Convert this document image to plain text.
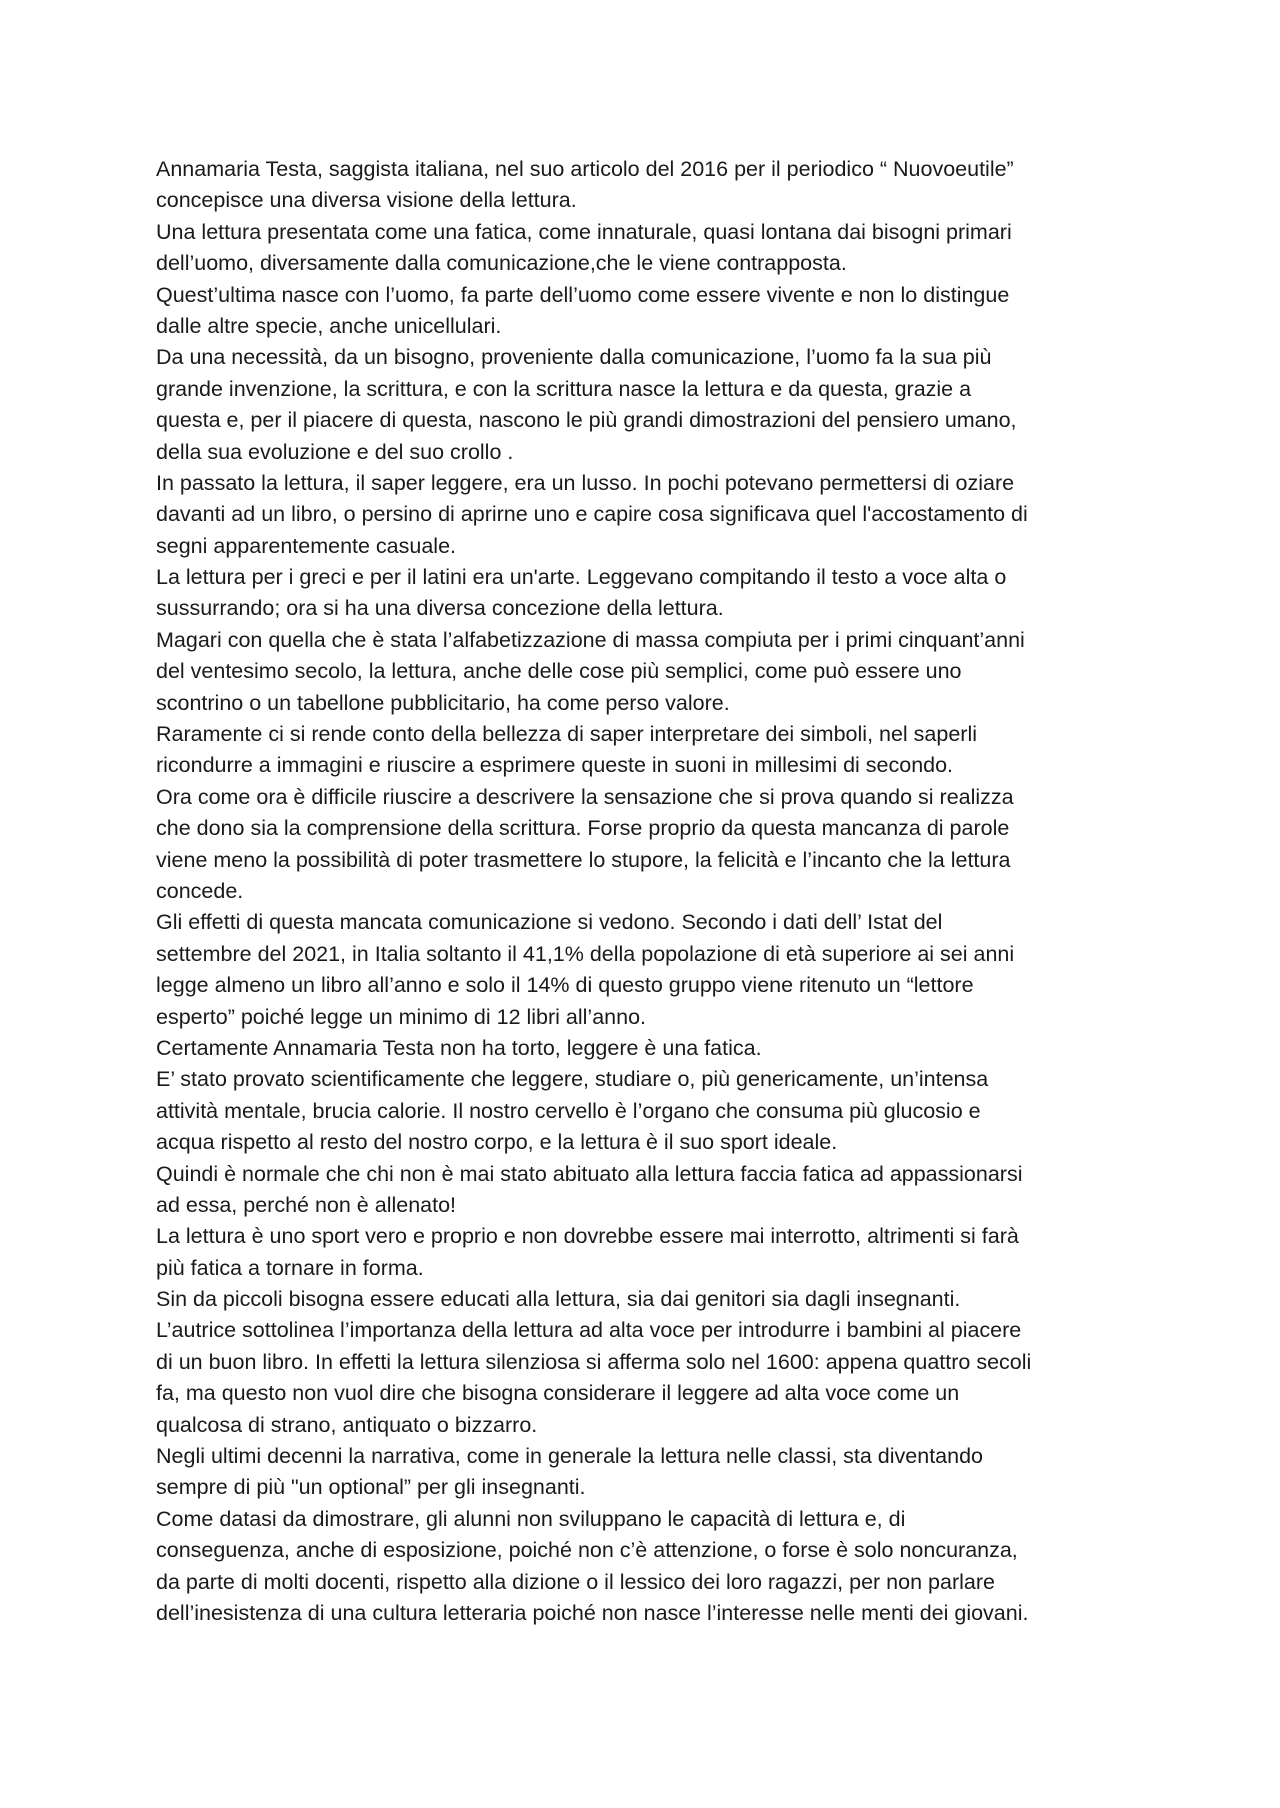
Annamaria Testa, saggista italiana, nel suo articolo del 2016 per il periodico “ Nuovoeutile”
concepisce una diversa visione della lettura.
Una lettura presentata come una fatica, come innaturale, quasi lontana dai bisogni primari
dell’uomo, diversamente dalla comunicazione,che le viene contrapposta.
Quest’ultima nasce con l’uomo, fa parte dell’uomo come essere vivente e non lo distingue
dalle altre specie, anche unicellulari.
Da una necessità, da un bisogno, proveniente dalla comunicazione, l’uomo fa la sua più
grande invenzione, la scrittura, e con la scrittura nasce la lettura e da questa, grazie a
questa e, per il piacere di questa, nascono le più grandi dimostrazioni del pensiero umano,
della sua evoluzione e del suo crollo .
In passato la lettura, il saper leggere, era un lusso. In pochi potevano permettersi di oziare
davanti ad un libro, o persino di aprirne uno e capire cosa significava quel l'accostamento di
segni apparentemente casuale.
La lettura per i greci e per il latini era un'arte. Leggevano compitando il testo a voce alta o
sussurrando; ora si ha una diversa concezione della lettura.
Magari con quella che è stata l’alfabetizzazione di massa compiuta per i primi cinquant’anni
del ventesimo secolo, la lettura, anche delle cose più semplici, come può essere uno
scontrino o un tabellone pubblicitario, ha come perso valore.
Raramente ci si rende conto della bellezza di saper interpretare dei simboli, nel saperli
ricondurre a immagini e riuscire a esprimere queste in suoni in millesimi di secondo.
Ora come ora è difficile riuscire a descrivere la sensazione che si prova quando si realizza
che dono sia la comprensione della scrittura. Forse proprio da questa mancanza di parole
viene meno la possibilità di poter trasmettere lo stupore, la felicità e l’incanto che la lettura
concede.
Gli effetti di questa mancata comunicazione si vedono. Secondo i dati dell’ Istat del
settembre del 2021, in Italia soltanto il 41,1% della popolazione di età superiore ai sei anni
legge almeno un libro all’anno e solo il 14% di questo gruppo viene ritenuto un “lettore
esperto” poiché legge un minimo di 12 libri all’anno.
Certamente Annamaria Testa non ha torto, leggere è una fatica.
E’ stato provato scientificamente che leggere, studiare o, più genericamente, un’intensa
attività mentale, brucia calorie. Il nostro cervello è l’organo che consuma più glucosio e
acqua rispetto al resto del nostro corpo, e la lettura è il suo sport ideale.
Quindi è normale che chi non è mai stato abituato alla lettura faccia fatica ad appassionarsi
ad essa, perché non è allenato!
La lettura è uno sport vero e proprio e non dovrebbe essere mai interrotto, altrimenti si farà
più fatica a tornare in forma.
Sin da piccoli bisogna essere educati alla lettura, sia dai genitori sia dagli insegnanti.
L’autrice sottolinea l’importanza della lettura ad alta voce per introdurre i bambini al piacere
di un buon libro. In effetti la lettura silenziosa si afferma solo nel 1600: appena quattro secoli
fa, ma questo non vuol dire che bisogna considerare il leggere ad alta voce come un
qualcosa di strano, antiquato o bizzarro.
Negli ultimi decenni la narrativa, come in generale la lettura nelle classi, sta diventando
sempre di più "un optional” per gli insegnanti.
Come datasi da dimostrare, gli alunni non sviluppano le capacità di lettura e, di
conseguenza, anche di esposizione, poiché non c’è attenzione, o forse è solo noncuranza,
da parte di molti docenti, rispetto alla dizione o il lessico dei loro ragazzi, per non parlare
dell’inesistenza di una cultura letteraria poiché non nasce l’interesse nelle menti dei giovani.
